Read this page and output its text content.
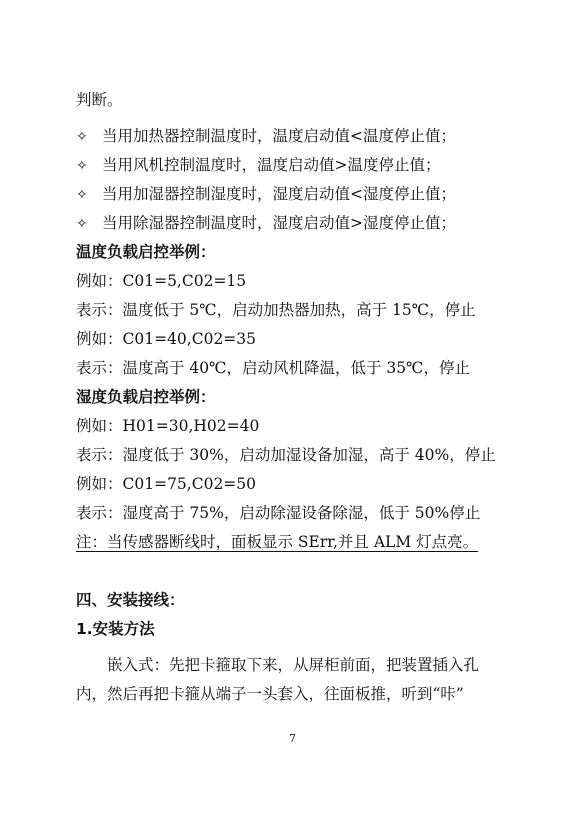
判断。
✧ 当用加热器控制温度时，温度启动值<温度停止值；
✧ 当用风机控制温度时，温度启动值>温度停止值；
✧ 当用加湿器控制湿度时，湿度启动值<湿度停止值；
✧ 当用除湿器控制温度时，湿度启动值>湿度停止值；
温度负载启控举例：
例如：C01=5,C02=15
表示：温度低于 5℃，启动加热器加热，高于 15℃，停止
例如：C01=40,C02=35
表示：温度高于 40℃，启动风机降温，低于 35℃，停止
湿度负载启控举例：
例如：H01=30,H02=40
表示：湿度低于 30%，启动加湿设备加湿，高于 40%，停止
例如：C01=75,C02=50
表示：湿度高于 75%，启动除湿设备除湿，低于 50%停止
注：当传感器断线时，面板显示 SErr,并且 ALM 灯点亮。
四、安装接线：
1.安装方法
嵌入式：先把卡箍取下来，从屏柜前面，把装置插入孔
内，然后再把卡箍从端子一头套入，往面板推，听到“咔”
7
